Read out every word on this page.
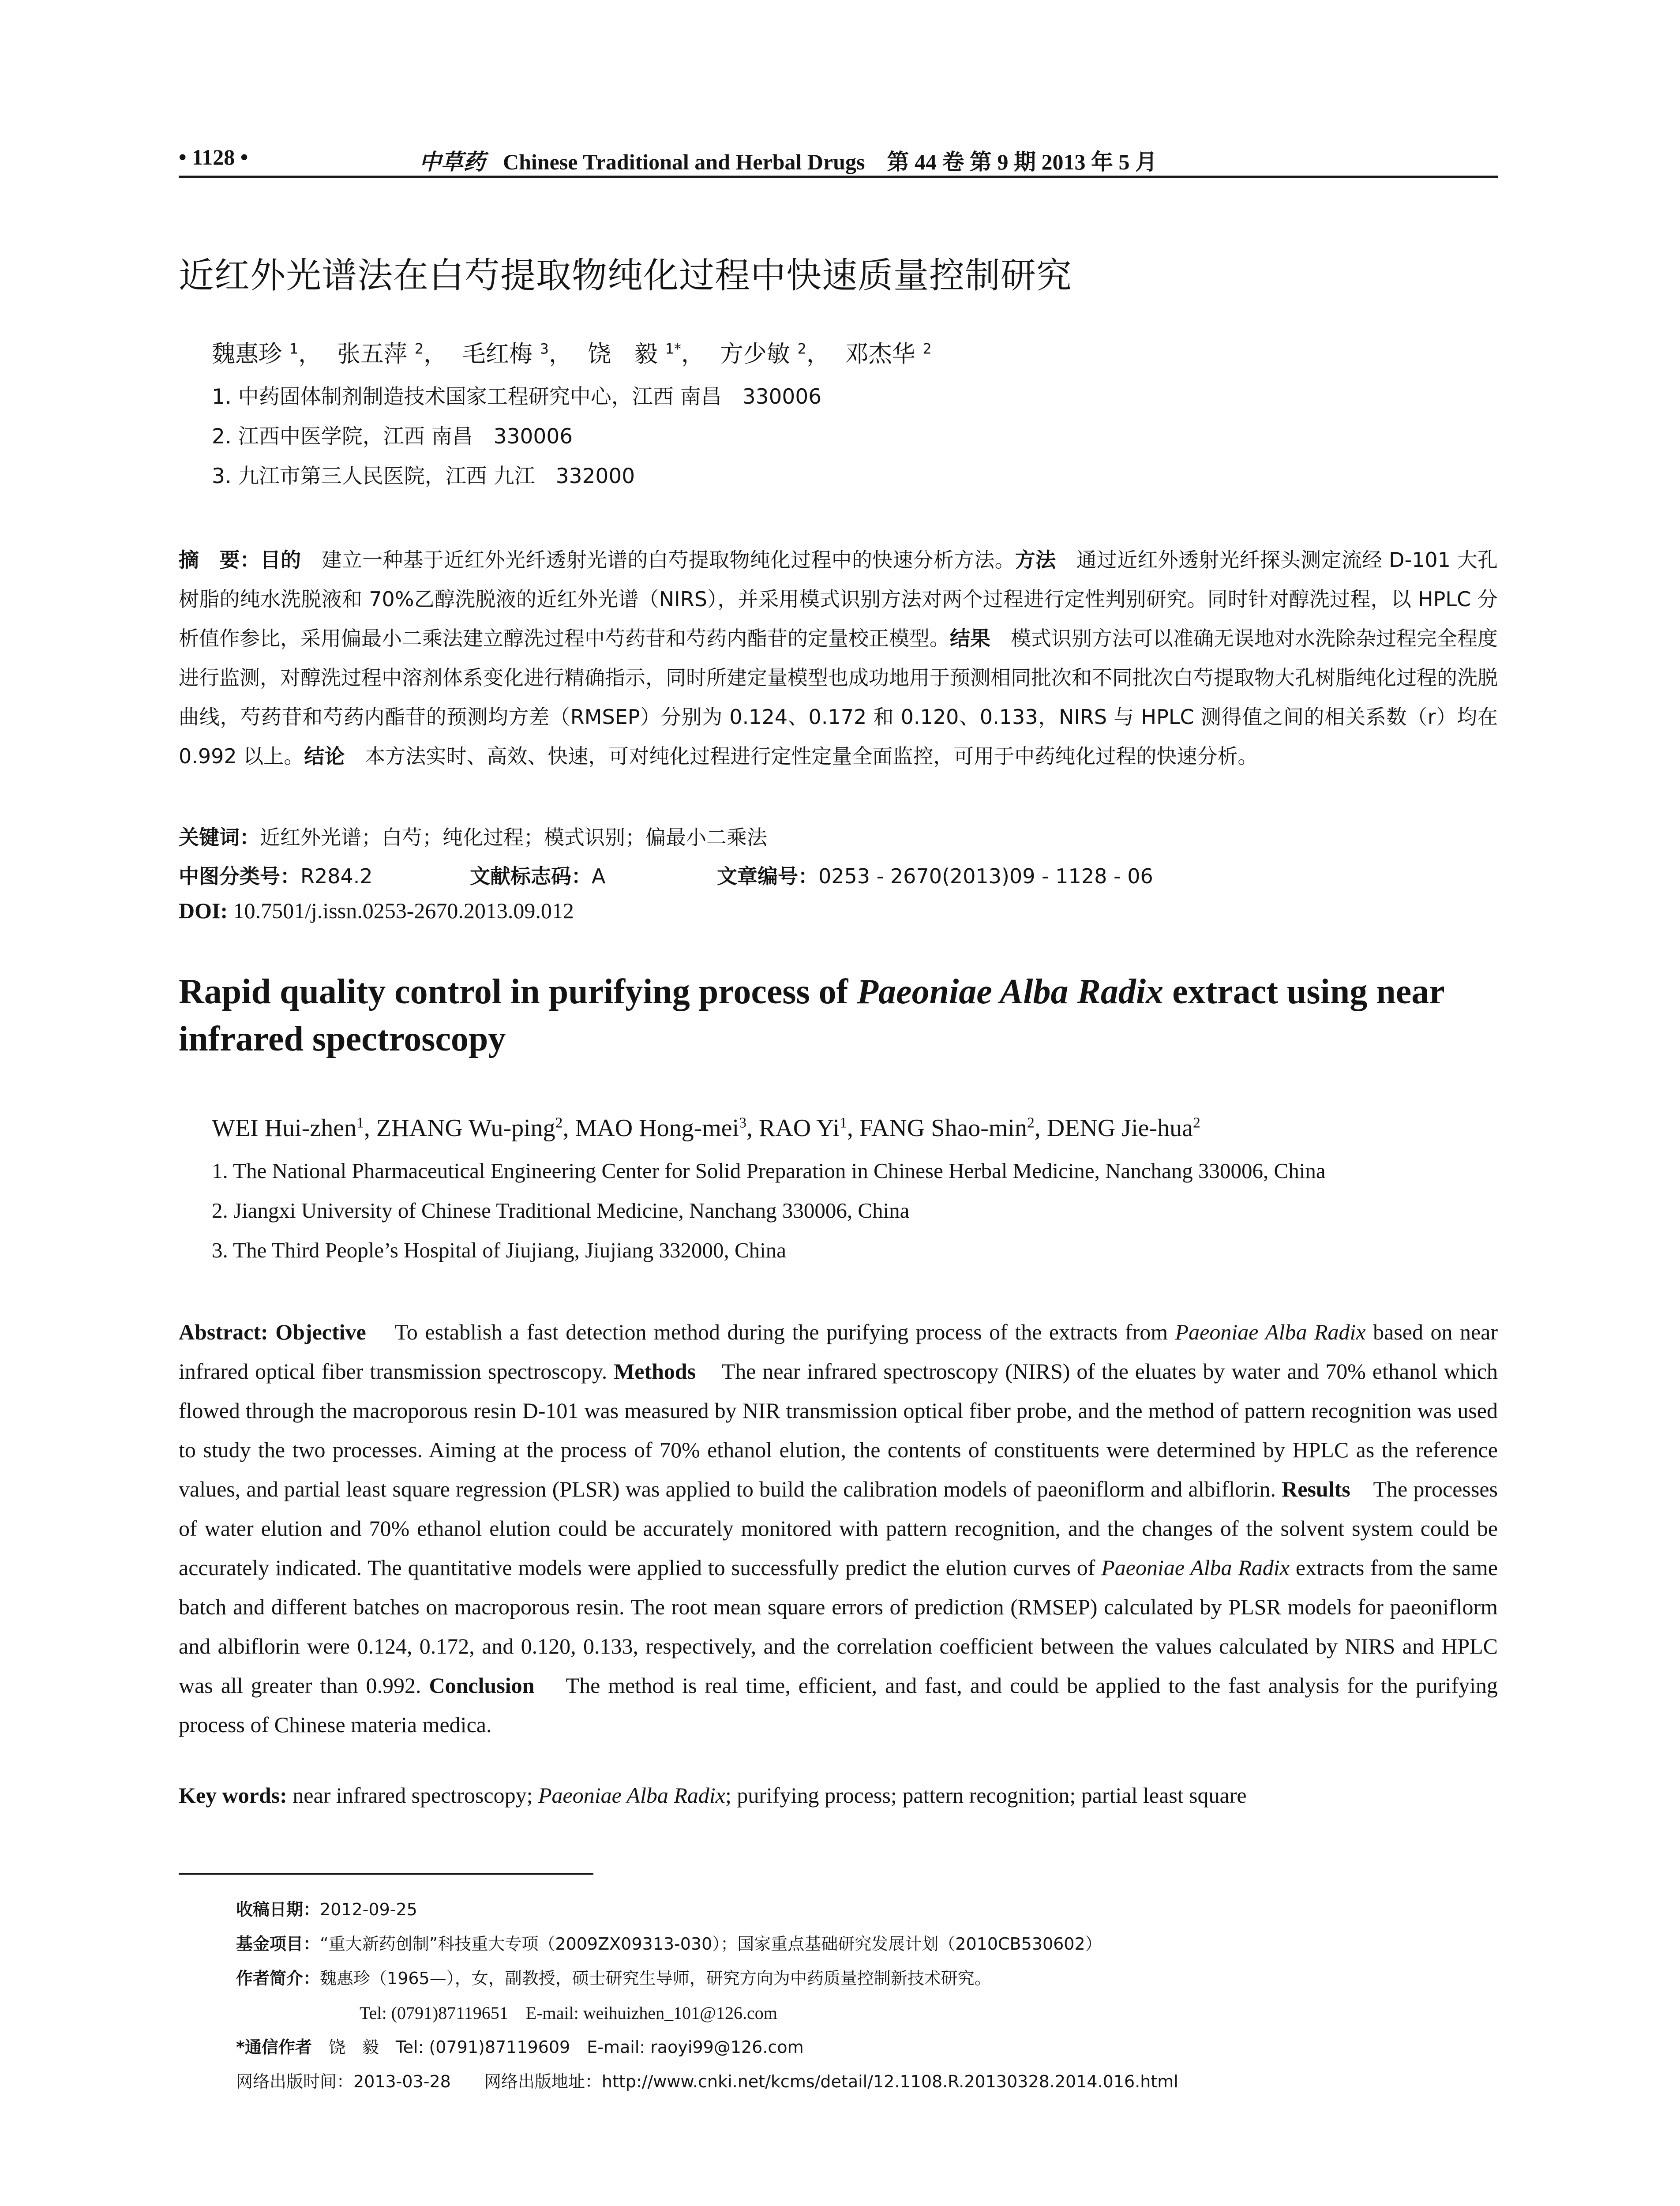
• 1128 •	中草药 Chinese Traditional and Herbal Drugs 第 44 卷 第 9 期 2013 年 5 月
近红外光谱法在白芍提取物纯化过程中快速质量控制研究
魏惠珍 $^1$， 张五萍 $^2$， 毛红梅 $^3$， 饶　毅 $^{1*}$， 方少敏 $^2$， 邓杰华 $^2$
1. 中药固体制剂制造技术国家工程研究中心，江西 南昌　330006
2. 江西中医学院，江西 南昌　330006
3. 九江市第三人民医院，江西 九江　332000
摘　要：目的　 建立一种基于近红外光纤透射光谱的白芍提取物纯化过程中的快速分析方法。方法　 通过近红外透射光纤探头测定流经 D-101 大孔树脂的纯水洗脱液和 70%乙醇洗脱液的近红外光谱（NIRS），并采用模式识别方法对两个过程进行定性判别研究。同时针对醇洗过程，以 HPLC 分析值作参比，采用偏最小二乘法建立醇洗过程中芍药苷和芍药内酯苷的定量校正模型。结果　 模式识别方法可以准确无误地对水洗除杂过程完全程度进行监测，对醇洗过程中溶剂体系变化进行精确指示，同时所建定量模型也成功地用于预测相同批次和不同批次白芍提取物大孔树脂纯化过程的洗脱曲线，芍药苷和芍药内酯苷的预测均方差（RMSEP）分别为 0.124、0.172 和 0.120、0.133，NIRS 与 HPLC 测得值之间的相关系数（r）均在 0.992 以上。结论　 本方法实时、高效、快速，可对纯化过程进行定性定量全面监控，可用于中药纯化过程的快速分析。
关键词：近红外光谱；白芍；纯化过程；模式识别；偏最小二乘法
中图分类号：R284.2	文献标志码：A	文章编号：0253 - 2670(2013)09 - 1128 - 06
DOI: 10.7501/j.issn.0253-2670.2013.09.012
Rapid quality control in purifying process of Paeoniae Alba Radix extract using near infrared spectroscopy
WEI Hui-zhen$^1$, ZHANG Wu-ping$^2$, MAO Hong-mei$^3$, RAO Yi$^1$, FANG Shao-$\min^2$, DENG Jie-hua$^2$
1. The National Pharmaceutical Engineering Center for Solid Preparation in Chinese Herbal Medicine, Nanchang 330006, China
2. Jiangxi University of Chinese Traditional Medicine, Nanchang 330006, China
3. The Third People’s Hospital of Jiujiang, Jiujiang 332000, China
Abstract: Objective To establish a fast detection method during the purifying process of the extracts from Paeoniae Alba Radix based on near infrared optical fiber transmission spectroscopy. Methods The near infrared spectroscopy (NIRS) of the eluates by water and 70% ethanol which flowed through the macroporous resin D-101 was measured by NIR transmission optical fiber probe, and the method of pattern recognition was used to study the two processes. Aiming at the process of 70% ethanol elution, the contents of constituents were determined by HPLC as the reference values, and partial least square regression (PLSR) was applied to build the calibration models of paeoniflorm and albiflorin. Results The processes of water elution and 70% ethanol elution could be accurately monitored with pattern recognition, and the changes of the solvent system could be accurately indicated. The quantitative models were applied to successfully predict the elution curves of Paeoniae Alba Radix extracts from the same batch and different batches on macroporous resin. The root mean square errors of prediction (RMSEP) calculated by PLSR models for paeoniflorm and albiflorin were 0.124, 0.172, and 0.120, 0.133, respectively, and the correlation coefficient between the values calculated by NIRS and HPLC was all greater than 0.992. Conclusion The method is real time, efficient, and fast, and could be applied to the fast analysis for the purifying process of Chinese materia medica.
Key words: near infrared spectroscopy; Paeoniae Alba Radix; purifying process; pattern recognition; partial least square
收稿日期：2012-09-25
基金项目：“重大新药创制”科技重大专项（2009ZX09313-030）；国家重点基础研究发展计划（2010CB530602）
作者简介：魏惠珍（1965—），女，副教授，硕士研究生导师，研究方向为中药质量控制新技术研究。
Tel: (0791)87119651　E-mail: weihuizhen_101@126.com
*通信作者　 饶　毅　Tel: (0791)87119609　E-mail: raoyi99@126.com
网络出版时间：2013-03-28　　 网络出版地址：http://www.cnki.net/kcms/detail/12.1108.R.20130328.2014.016.html
